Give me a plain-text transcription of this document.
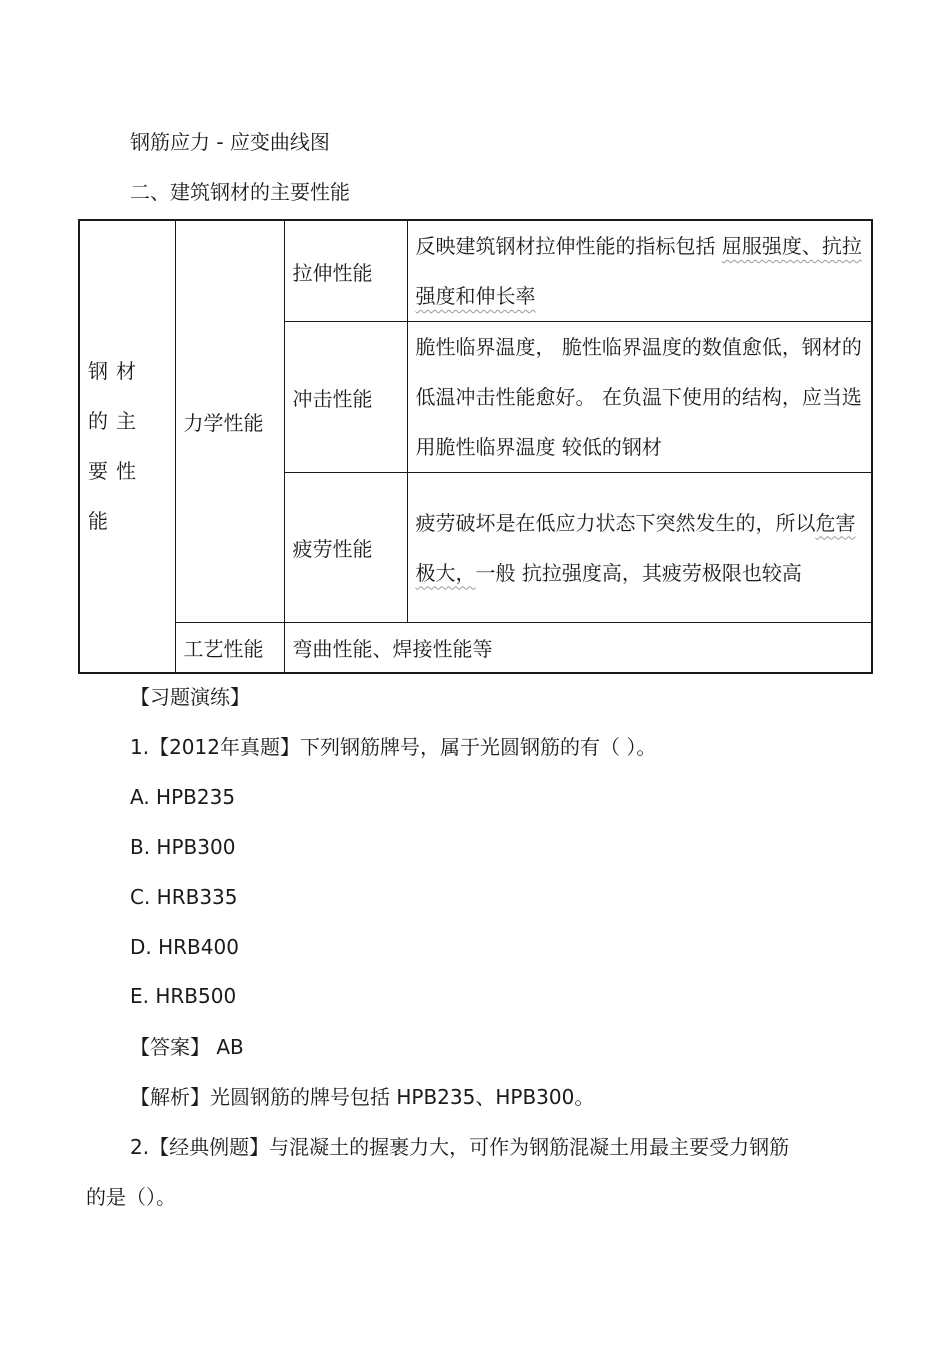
钢筋应力 - 应变曲线图
二、建筑钢材的主要性能
钢材的主要性能	力学性能	拉伸性能	反映建筑钢材拉伸性能的指标包括 屈服强度、抗拉强度和伸长率
		冲击性能	脆性临界温度， 脆性临界温度的数值愈低，钢材的低温冲击性能愈好。 在负温下使用的结构，应当选用脆性临界温度 较低的钢材
		疲劳性能	疲劳破坏是在低应力状态下突然发生的，所以危害极大，一般 抗拉强度高，其疲劳极限也较高
	工艺性能	弯曲性能、焊接性能等	
【习题演练】
1.【2012年真题】下列钢筋牌号，属于光圆钢筋的有（ ）。
A. HPB235
B. HPB300
C. HRB335
D. HRB400
E. HRB500
【答案】 AB
【解析】光圆钢筋的牌号包括 HPB235、HPB300。
2.【经典例题】与混凝土的握裹力大，可作为钢筋混凝土用最主要受力钢筋
的是（）。
